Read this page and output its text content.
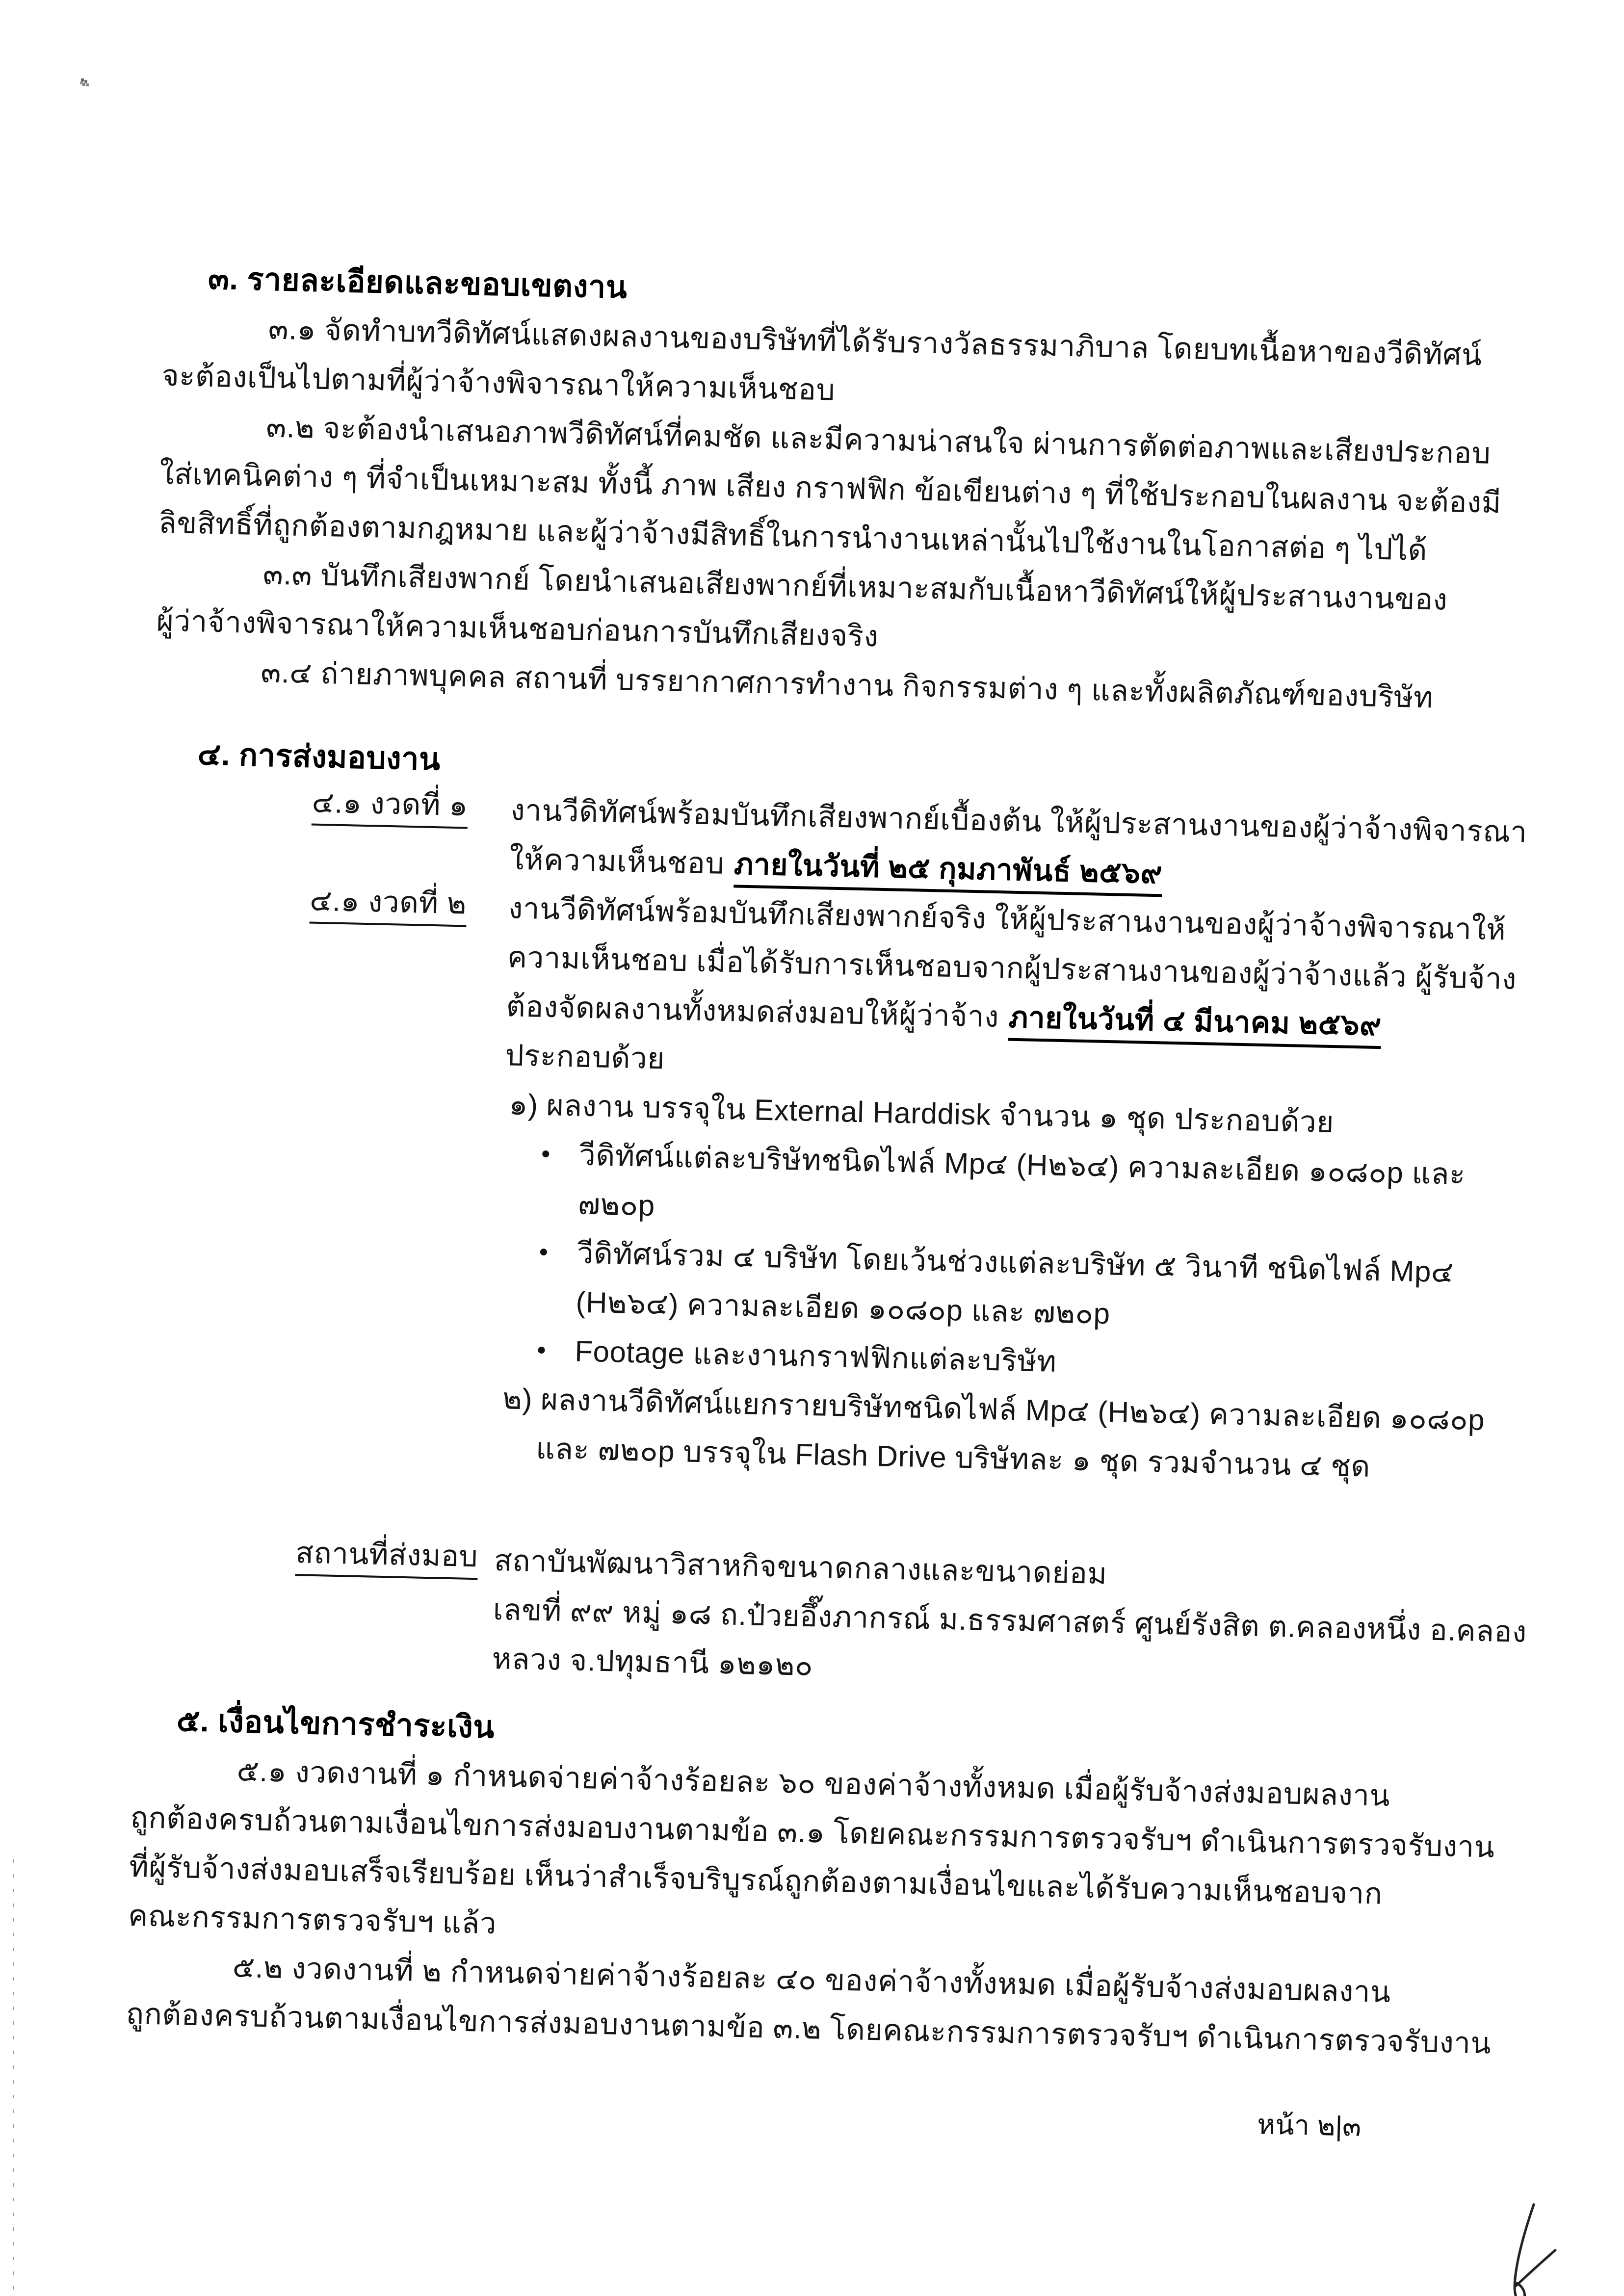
๓. รายละเอียดและขอบเขตงาน
๓.๑ จัดทำบทวีดิทัศน์แสดงผลงานของบริษัทที่ได้รับรางวัลธรรมาภิบาล โดยบทเนื้อหาของวีดิทัศน์
จะต้องเป็นไปตามที่ผู้ว่าจ้างพิจารณาให้ความเห็นชอบ
๓.๒ จะต้องนำเสนอภาพวีดิทัศน์ที่คมชัด และมีความน่าสนใจ ผ่านการตัดต่อภาพและเสียงประกอบ
ใส่เทคนิคต่าง ๆ ที่จำเป็นเหมาะสม ทั้งนี้ ภาพ เสียง กราฟฟิก ข้อเขียนต่าง ๆ ที่ใช้ประกอบในผลงาน จะต้องมี
ลิขสิทธิ์ที่ถูกต้องตามกฎหมาย และผู้ว่าจ้างมีสิทธิ์ในการนำงานเหล่านั้นไปใช้งานในโอกาสต่อ ๆ ไปได้
๓.๓ บันทึกเสียงพากย์ โดยนำเสนอเสียงพากย์ที่เหมาะสมกับเนื้อหาวีดิทัศน์ให้ผู้ประสานงานของ
ผู้ว่าจ้างพิจารณาให้ความเห็นชอบก่อนการบันทึกเสียงจริง
๓.๔ ถ่ายภาพบุคคล สถานที่ บรรยากาศการทำงาน กิจกรรมต่าง ๆ และทั้งผลิตภัณฑ์ของบริษัท
๔. การส่งมอบงาน
๔.๑ งวดที่ ๑ งานวีดิทัศน์พร้อมบันทึกเสียงพากย์เบื้องต้น ให้ผู้ประสานงานของผู้ว่าจ้างพิจารณา
ให้ความเห็นชอบ ภายในวันที่ ๒๕ กุมภาพันธ์ ๒๕๖๙
๔.๑ งวดที่ ๒ งานวีดิทัศน์พร้อมบันทึกเสียงพากย์จริง ให้ผู้ประสานงานของผู้ว่าจ้างพิจารณาให้
ความเห็นชอบ เมื่อได้รับการเห็นชอบจากผู้ประสานงานของผู้ว่าจ้างแล้ว ผู้รับจ้าง
ต้องจัดผลงานทั้งหมดส่งมอบให้ผู้ว่าจ้าง ภายในวันที่ ๔ มีนาคม ๒๕๖๙
ประกอบด้วย
๑) ผลงาน บรรจุใน External Harddisk จำนวน ๑ ชุด ประกอบด้วย
วีดิทัศน์แต่ละบริษัทชนิดไฟล์ Mp๔ (H๒๖๔) ความละเอียด ๑๐๘๐p และ
๗๒๐p
วีดิทัศน์รวม ๔ บริษัท โดยเว้นช่วงแต่ละบริษัท ๕ วินาที ชนิดไฟล์ Mp๔
(H๒๖๔) ความละเอียด ๑๐๘๐p และ ๗๒๐p
Footage และงานกราฟฟิกแต่ละบริษัท
๒) ผลงานวีดิทัศน์แยกรายบริษัทชนิดไฟล์ Mp๔ (H๒๖๔) ความละเอียด ๑๐๘๐p
และ ๗๒๐p บรรจุใน Flash Drive บริษัทละ ๑ ชุด รวมจำนวน ๔ ชุด
สถานที่ส่งมอบ สถาบันพัฒนาวิสาหกิจขนาดกลางและขนาดย่อม
เลขที่ ๙๙ หมู่ ๑๘ ถ.ป๋วยอึ๊งภากรณ์ ม.ธรรมศาสตร์ ศูนย์รังสิต ต.คลองหนึ่ง อ.คลอง
หลวง จ.ปทุมธานี ๑๒๑๒๐
๕. เงื่อนไขการชำระเงิน
๕.๑ งวดงานที่ ๑ กำหนดจ่ายค่าจ้างร้อยละ ๖๐ ของค่าจ้างทั้งหมด เมื่อผู้รับจ้างส่งมอบผลงาน
ถูกต้องครบถ้วนตามเงื่อนไขการส่งมอบงานตามข้อ ๓.๑ โดยคณะกรรมการตรวจรับฯ ดำเนินการตรวจรับงาน
ที่ผู้รับจ้างส่งมอบเสร็จเรียบร้อย เห็นว่าสำเร็จบริบูรณ์ถูกต้องตามเงื่อนไขและได้รับความเห็นชอบจาก
คณะกรรมการตรวจรับฯ แล้ว
๕.๒ งวดงานที่ ๒ กำหนดจ่ายค่าจ้างร้อยละ ๔๐ ของค่าจ้างทั้งหมด เมื่อผู้รับจ้างส่งมอบผลงาน
ถูกต้องครบถ้วนตามเงื่อนไขการส่งมอบงานตามข้อ ๓.๒ โดยคณะกรรมการตรวจรับฯ ดำเนินการตรวจรับงาน
หน้า ๒|๓
